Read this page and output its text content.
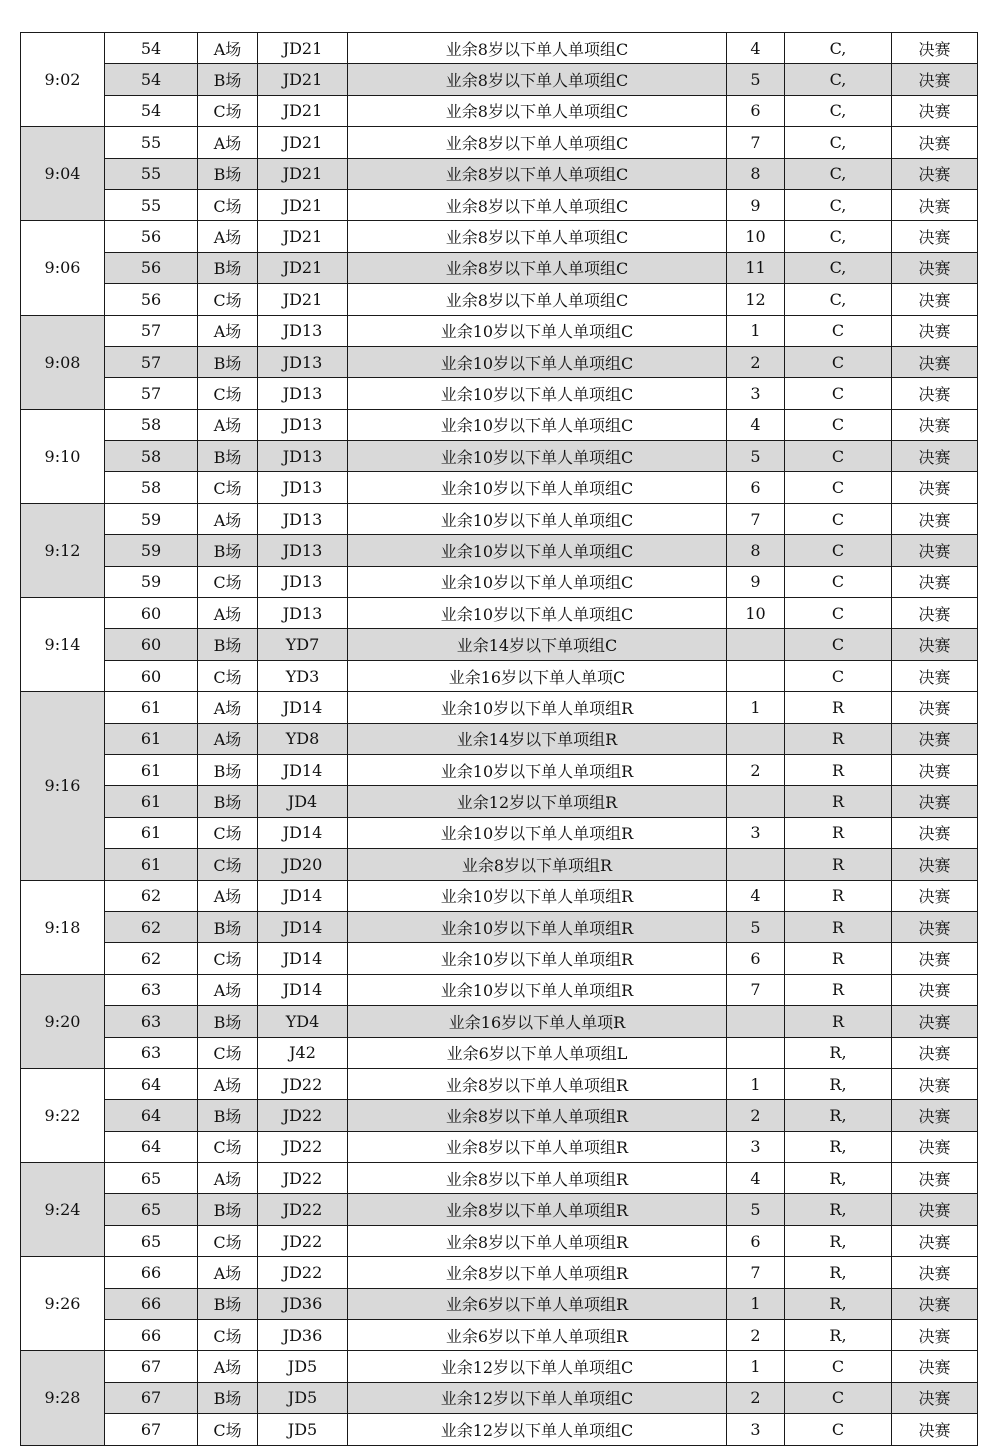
9:02	54	A场	JD21	业余8岁以下单人单项组C	4	C,	决赛
	54	B场	JD21	业余8岁以下单人单项组C	5	C,	决赛
	54	C场	JD21	业余8岁以下单人单项组C	6	C,	决赛
9:04	55	A场	JD21	业余8岁以下单人单项组C	7	C,	决赛
	55	B场	JD21	业余8岁以下单人单项组C	8	C,	决赛
	55	C场	JD21	业余8岁以下单人单项组C	9	C,	决赛
9:06	56	A场	JD21	业余8岁以下单人单项组C	10	C,	决赛
	56	B场	JD21	业余8岁以下单人单项组C	11	C,	决赛
	56	C场	JD21	业余8岁以下单人单项组C	12	C,	决赛
9:08	57	A场	JD13	业余10岁以下单人单项组C	1	C	决赛
	57	B场	JD13	业余10岁以下单人单项组C	2	C	决赛
	57	C场	JD13	业余10岁以下单人单项组C	3	C	决赛
9:10	58	A场	JD13	业余10岁以下单人单项组C	4	C	决赛
	58	B场	JD13	业余10岁以下单人单项组C	5	C	决赛
	58	C场	JD13	业余10岁以下单人单项组C	6	C	决赛
9:12	59	A场	JD13	业余10岁以下单人单项组C	7	C	决赛
	59	B场	JD13	业余10岁以下单人单项组C	8	C	决赛
	59	C场	JD13	业余10岁以下单人单项组C	9	C	决赛
9:14	60	A场	JD13	业余10岁以下单人单项组C	10	C	决赛
	60	B场	YD7	业余14岁以下单项组C		C	决赛
	60	C场	YD3	业余16岁以下单人单项C		C	决赛
9:16	61	A场	JD14	业余10岁以下单人单项组R	1	R	决赛
	61	A场	YD8	业余14岁以下单项组R		R	决赛
	61	B场	JD14	业余10岁以下单人单项组R	2	R	决赛
	61	B场	JD4	业余12岁以下单项组R		R	决赛
	61	C场	JD14	业余10岁以下单人单项组R	3	R	决赛
	61	C场	JD20	业余8岁以下单项组R		R	决赛
9:18	62	A场	JD14	业余10岁以下单人单项组R	4	R	决赛
	62	B场	JD14	业余10岁以下单人单项组R	5	R	决赛
	62	C场	JD14	业余10岁以下单人单项组R	6	R	决赛
9:20	63	A场	JD14	业余10岁以下单人单项组R	7	R	决赛
	63	B场	YD4	业余16岁以下单人单项R		R	决赛
	63	C场	J42	业余6岁以下单人单项组L		R,	决赛
9:22	64	A场	JD22	业余8岁以下单人单项组R	1	R,	决赛
	64	B场	JD22	业余8岁以下单人单项组R	2	R,	决赛
	64	C场	JD22	业余8岁以下单人单项组R	3	R,	决赛
9:24	65	A场	JD22	业余8岁以下单人单项组R	4	R,	决赛
	65	B场	JD22	业余8岁以下单人单项组R	5	R,	决赛
	65	C场	JD22	业余8岁以下单人单项组R	6	R,	决赛
9:26	66	A场	JD22	业余8岁以下单人单项组R	7	R,	决赛
	66	B场	JD36	业余6岁以下单人单项组R	1	R,	决赛
	66	C场	JD36	业余6岁以下单人单项组R	2	R,	决赛
9:28	67	A场	JD5	业余12岁以下单人单项组C	1	C	决赛
	67	B场	JD5	业余12岁以下单人单项组C	2	C	决赛
	67	C场	JD5	业余12岁以下单人单项组C	3	C	决赛
